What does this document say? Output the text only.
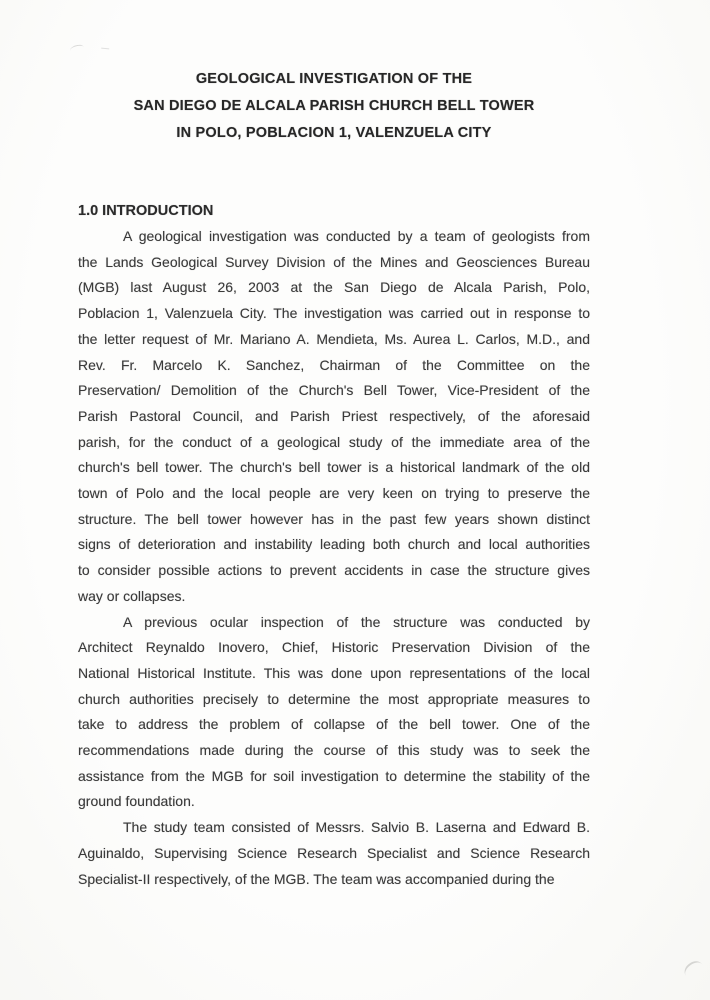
GEOLOGICAL INVESTIGATION OF THE
SAN DIEGO DE ALCALA PARISH CHURCH BELL TOWER
IN POLO, POBLACION 1, VALENZUELA CITY
1.0 INTRODUCTION
A geological investigation was conducted by a team of geologists from
the Lands Geological Survey Division of the Mines and Geosciences Bureau
(MGB) last August 26, 2003 at the San Diego de Alcala Parish, Polo,
Poblacion 1, Valenzuela City. The investigation was carried out in response to
the letter request of Mr. Mariano A. Mendieta, Ms. Aurea L. Carlos, M.D., and
Rev. Fr. Marcelo K. Sanchez, Chairman of the Committee on the
Preservation/ Demolition of the Church's Bell Tower, Vice-President of the
Parish Pastoral Council, and Parish Priest respectively, of the aforesaid
parish, for the conduct of a geological study of the immediate area of the
church's bell tower. The church's bell tower is a historical landmark of the old
town of Polo and the local people are very keen on trying to preserve the
structure. The bell tower however has in the past few years shown distinct
signs of deterioration and instability leading both church and local authorities
to consider possible actions to prevent accidents in case the structure gives
way or collapses.
A previous ocular inspection of the structure was conducted by
Architect Reynaldo Inovero, Chief, Historic Preservation Division of the
National Historical Institute. This was done upon representations of the local
church authorities precisely to determine the most appropriate measures to
take to address the problem of collapse of the bell tower. One of the
recommendations made during the course of this study was to seek the
assistance from the MGB for soil investigation to determine the stability of the
ground foundation.
The study team consisted of Messrs. Salvio B. Laserna and Edward B.
Aguinaldo, Supervising Science Research Specialist and Science Research
Specialist-II respectively, of the MGB. The team was accompanied during the
